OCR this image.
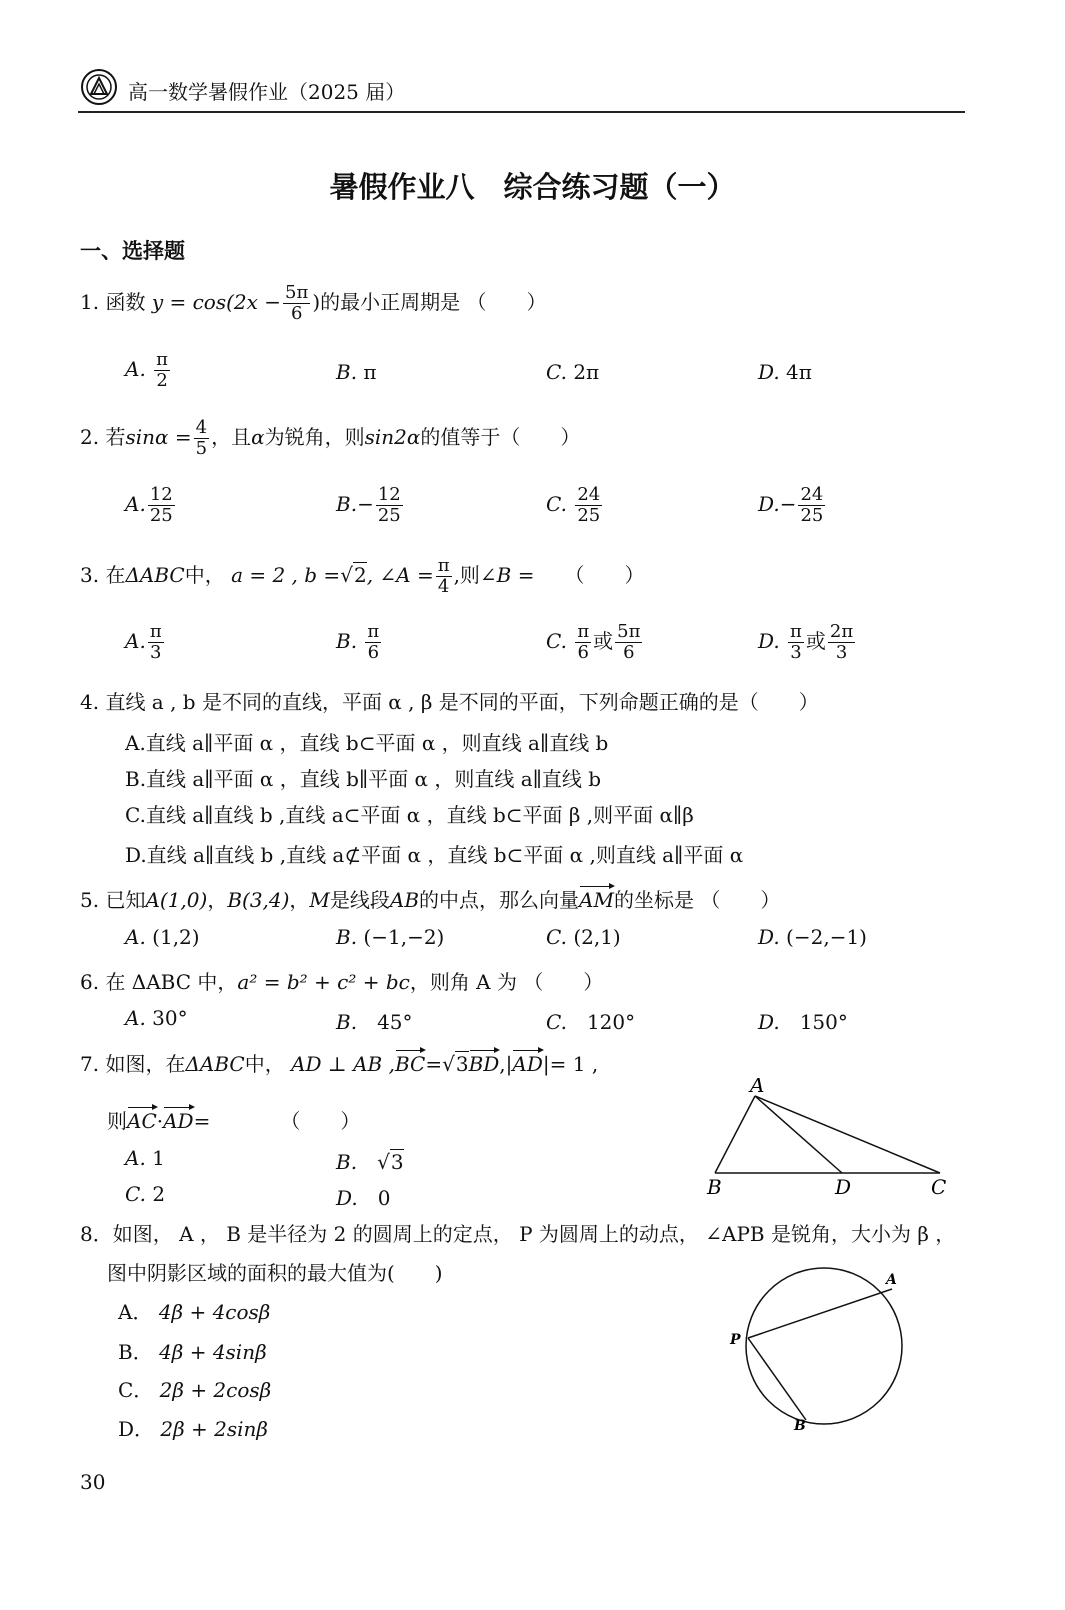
高一数学暑假作业（2025 届）
暑假作业八　综合练习题（一）
一、选择题
1. 函数 $y = \cos(2x - \frac{5\pi}{6}$ )的最小正周期是 （　　）
A. $\frac{\pi}{2}$	B. π	C. 2π	D. 4π
2. 若$\sin\alpha = \frac{4}{5}$ ，且α为锐角，则sin2α的值等于（　　）
A. $\frac{12}{25}$	$B.- \frac{12}{25}$	C. $\frac{24}{25}$	$D.- \frac{24}{25}$
3. 在ΔABC中， a = 2 , b =√2, ∠A = $\frac{\pi}{4}$ ,则∠B =　　 （　　）
A. $\frac{\pi}{3}$	B. $\frac{\pi}{6}$	C. $\frac{\pi}{6}$ 或 $\frac{5\pi}{6}$	D. $\frac{\pi}{3}$ 或 $\frac{2\pi}{3}$
4. 直线 a , b 是不同的直线，平面 α , β 是不同的平面，下列命题正确的是（　　）
A.直线 a∥平面 α ，直线 b⊂平面 α ，则直线 a∥直线 b
B.直线 a∥平面 α ，直线 b∥平面 α ，则直线 a∥直线 b
C.直线 a∥直线 b ,直线 a⊂平面 α ，直线 b⊂平面 β ,则平面 α∥β
D.直线 a∥直线 b ,直线 a⊄平面 α ，直线 b⊂平面 α ,则直线 a∥平面 α
5. 已知A(1,0)，B(3,4)，M是线段AB的中点，那么向量AM的坐标是 （　　）
A. (1,2)	B. (−1,−2)	C. (2,1)	D. (−2,−1)
6. 在 ΔABC 中，a² = b² + c² + bc，则角 A 为 （　　）
A. 30°	B.　 45°	C.　 120°	D.　 150°
7. 如图，在ΔABC中， AD ⊥ AB ,BC=√3BD,|AD|= 1 ,
则AC·AD=　　　　	（　　）
A. 1	B.　 √3
C. 2	D.　 0
A
B	D	C
8．如图， A ， B 是半径为 2 的圆周上的定点， P 为圆周上的动点， ∠APB 是锐角，大小为 β ，
图中阴影区域的面积的最大值为(　　)
A． 4β + 4cosβ
B． 4β + 4sinβ
C． 2β + 2cosβ
D． 2β + 2sinβ
A
P
B
30
